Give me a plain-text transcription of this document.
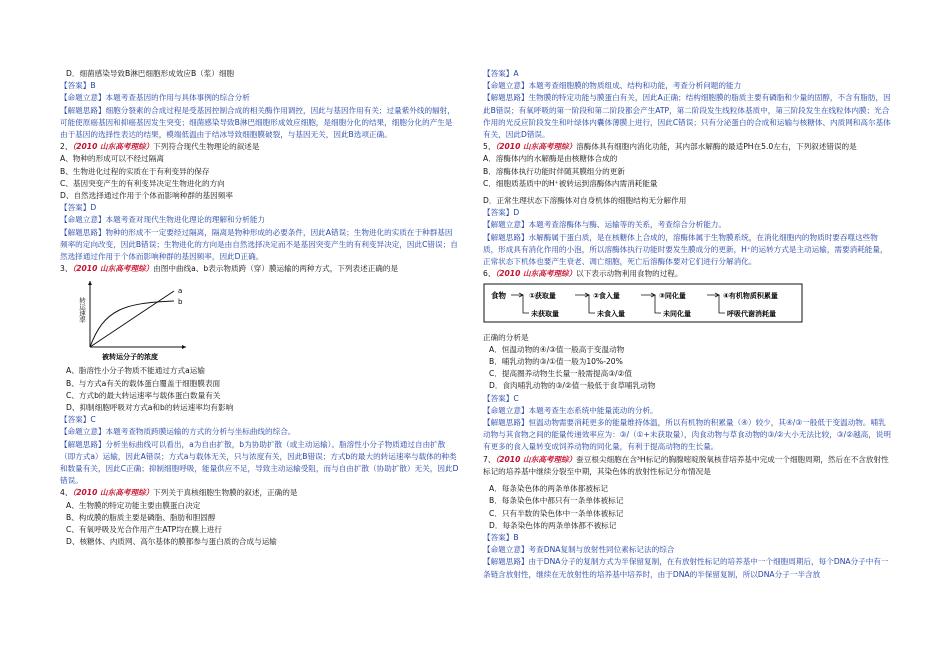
D．细菌感染导致B淋巴细胞形成效应B（浆）细胞

【答案】B

【命题立意】本题考查基因的作用与具体事例的综合分析

【解题思路】细胞分裂素的合成过程是受基因控制合成的相关酶作用调控，因此与基因作用有关；过量紫外线的辐射，可能使原癌基因和抑癌基因发生突变；细菌感染导致B淋巴细胞形成效应细胞，是细胞分化的结果，细胞分化的产生是由于基因的选择性表达的结果，模端低温由于结冰导致细胞膜破裂，与基因无关，因此B选项正确。

2、（2010 山东高考理综）下列符合现代生物理论的叙述是

A、物种的形成可以不经过隔离

B、生物进化过程的实质在于有利变异的保存

C、基因突变产生的有利变异决定生物进化的方向

D、自然选择通过作用于个体而影响种群的基因频率

【答案】D

【命题立意】本题考查对现代生物进化理论的理解和分析能力

【解题思路】物种的形成不一定要经过隔离，隔离是物种形成的必要条件，因此A错误；生物进化的实质在于种群基因频率的定向改变，因此B错误；生物进化的方向是由自然选择决定而不是基因突变产生的有利变异决定，因此C错误；自然选择通过作用于个体而影响种群的基因频率，因此D正确。

3、（2010 山东高考理综）由图中曲线a、b表示物质跨（穿）膜运输的两种方式，下列表述正确的是

a
b
转运速率
被转运分子的浓度

A、脂溶性小分子物质不能通过方式a运输

B、与方式a有关的载体蛋白覆盖于细胞膜表面

C、方式b的最大转运速率与载体蛋白数量有关

D、抑制细胞呼吸对方式a和b的转运速率均有影响

【答案】C

【命题立意】本题考查物质跨膜运输的方式的分析与坐标曲线的综合。

【解题思路】分析坐标曲线可以看出，a为自由扩散，b为协助扩散（或主动运输）。脂溶性小分子物质通过自由扩散（即方式a）运输，因此A错误；方式a与载体无关，只与浓度有关，因此B错误；方式b的最大的转运速率与载体的种类和数量有关，因此C正确；抑制细胞呼吸，能量供应不足，导致主动运输受阻，而与自由扩散（协助扩散）无关，因此D错误。

4、（2010 山东高考理综）下列关于真核细胞生物膜的叙述，正确的是

A、生物膜的特定功能主要由膜蛋白决定

B、构成膜的脂质主要是磷脂、脂肪和胆固醇

C、有氧呼吸及光合作用产生ATP均在膜上进行

D、核糖体、内质网、高尔基体的膜都参与蛋白质的合成与运输

【答案】A

【命题立意】本题考查细胞膜的物质组成、结构和功能，考查分析问题的能力

【解题思路】生物膜的特定功能与膜蛋白有关，因此A正确；结构细胞膜的脂质主要有磷脂和少量的固醇，不含有脂肪，因此B错误；有氧呼吸的第一阶段和第二阶段都会产生ATP，第二阶段发生线粒体基质中，第三阶段发生在线粒体内膜；光合作用的光反应阶段发生和叶绿体内囊体薄膜上进行，因此C错误；只有分泌蛋白的合成和运输与核糖体、内质网和高尔基体有关，因此D错误。

5、（2010 山东高考理综）溶酶体具有细胞内消化功能，其内部水解酶的最适PH在5.0左右，下列叙述错误的是

A．溶酶体内的水解酶是由核糖体合成的

B．溶酶体执行功能时伴随其膜组分的更新

C．细胞质基质中的H⁺被转运到溶酶体内需消耗能量

D．正常生理状态下溶酶体对自身机体的细胞结构无分解作用

【答案】D

【解题立意】本题考查溶酶体与酶、运输等的关系，考查综合分析能力。

【解题思路】水解酶属于蛋白质，是在核糖体上合成的，溶酶体属于生物膜系统，在消化细胞内的物质时要吞噬这些物质，形成具有消化作用的小泡，所以溶酶体执行功能时要发生膜成分的更新，H⁺的运转方式是主动运输，需要消耗能量，正常状态下机体也要产生衰老、凋亡细胞，死亡后溶酶体要对它们进行分解消化。

6、（2010 山东高考理综）以下表示动物利用食物的过程。

食物	①获取量
未获取量
②食入量
未食入量
③同化量
未同化量
④有机物质积累量
呼吸代谢消耗量

正确的分析是

A．恒温动物的④/③值一般高于变温动物

B．哺乳动物的③/①值一般为10%-20%

C．提高圈养动物生长量一般需提高③/②值

D．食肉哺乳动物的③/②值一般低于食草哺乳动物

【答案】C

【命题立意】本题考查生态系统中能量流动的分析。

【解题思路】恒温动物需要消耗更多的能量维持体温，所以有机物的积累量（④）较少，其④/③一般低于变温动物。哺乳动物与其食物之间的能量传递效率应为：③/（①+未获取量），肉食动物与草食动物的③/②大小无法比较，③/②越高，说明有更多的食入量转变成饲养动物的同化量，有利于提高动物的生长量。

7、（2010 山东高考理综）蚕豆根尖细胞在含³H标记的胸腺嘧啶脱氧核苷培养基中完成一个细胞周期，然后在不含放射性标记的培养基中继续分裂至中期，其染色体的放射性标记分布情况是

A．每条染色体的两条单体都被标记

B．每条染色体中都只有一条单体被标记

C．只有半数的染色体中一条单体被标记

D．每条染色体的两条单体都不被标记

【答案】B

【命题立意】考查DNA复制与放射性同位素标记法的综合

【解题思路】由于DNA分子的复制方式为半保留复制，在有放射性标记的培养基中一个细胞周期后，每个DNA分子中有一条链含放射性，继续在无放射性的培养基中培养时，由于DNA的半保留复制，所以DNA分子一半含放
